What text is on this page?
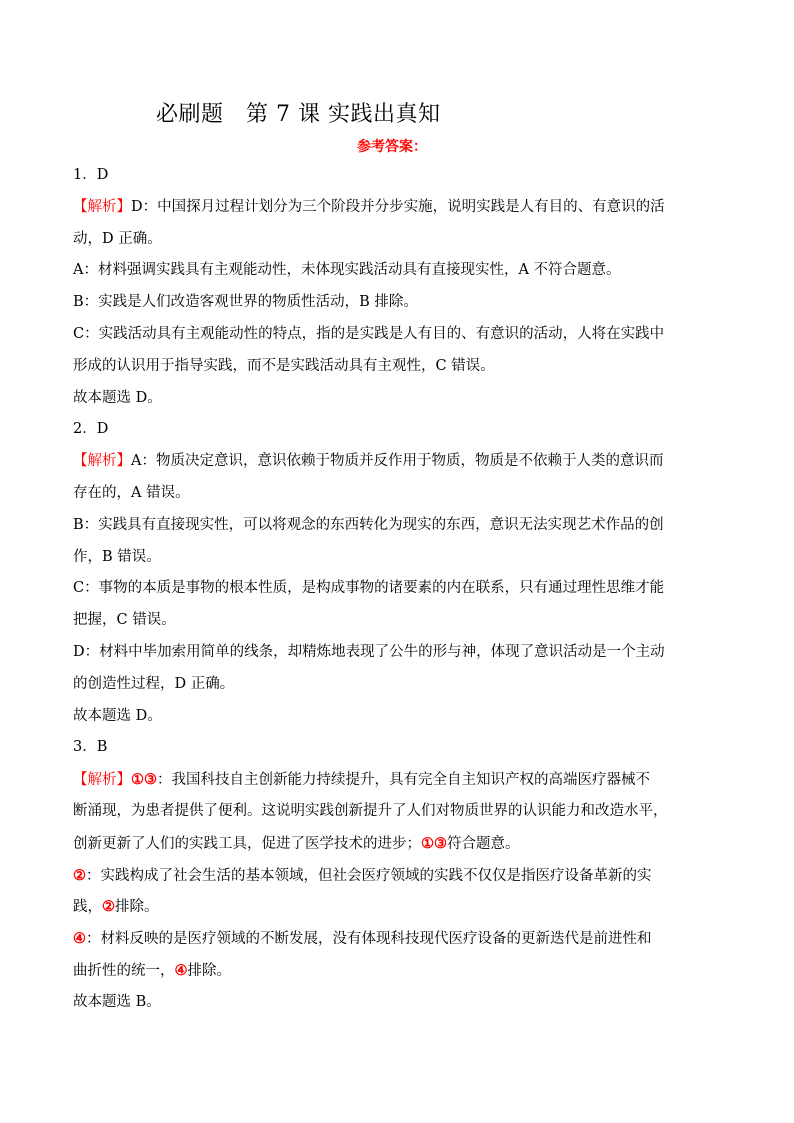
必刷题　第 7 课 实践出真知
参考答案：
1．D
【解析】D：中国探月过程计划分为三个阶段并分步实施，说明实践是人有目的、有意识的活
动，D 正确。
A：材料强调实践具有主观能动性，未体现实践活动具有直接现实性，A 不符合题意。
B：实践是人们改造客观世界的物质性活动，B 排除。
C：实践活动具有主观能动性的特点，指的是实践是人有目的、有意识的活动，人将在实践中
形成的认识用于指导实践，而不是实践活动具有主观性，C 错误。
故本题选 D。
2．D
【解析】A：物质决定意识，意识依赖于物质并反作用于物质，物质是不依赖于人类的意识而
存在的，A 错误。
B：实践具有直接现实性，可以将观念的东西转化为现实的东西，意识无法实现艺术作品的创
作，B 错误。
C：事物的本质是事物的根本性质，是构成事物的诸要素的内在联系，只有通过理性思维才能
把握，C 错误。
D：材料中毕加索用简单的线条，却精炼地表现了公牛的形与神，体现了意识活动是一个主动
的创造性过程，D 正确。
故本题选 D。
3．B
【解析】①③：我国科技自主创新能力持续提升，具有完全自主知识产权的高端医疗器械不
断涌现，为患者提供了便利。这说明实践创新提升了人们对物质世界的认识能力和改造水平，
创新更新了人们的实践工具，促进了医学技术的进步；①③符合题意。
②：实践构成了社会生活的基本领域，但社会医疗领域的实践不仅仅是指医疗设备革新的实
践，②排除。
④：材料反映的是医疗领域的不断发展，没有体现科技现代医疗设备的更新迭代是前进性和
曲折性的统一，④排除。
故本题选 B。
